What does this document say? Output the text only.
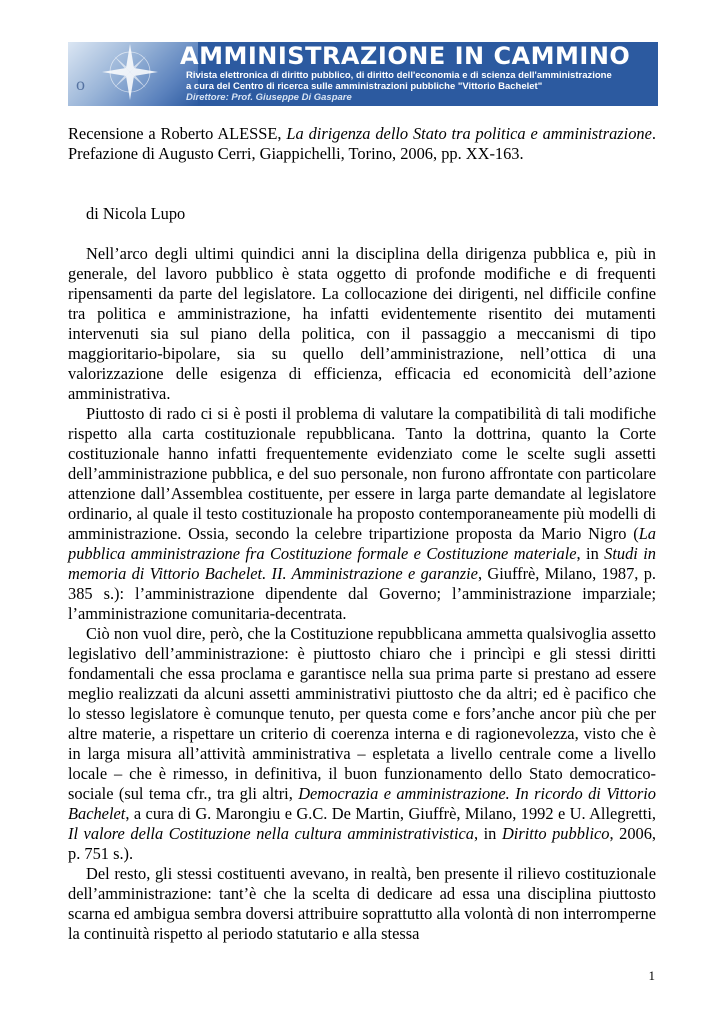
o
AMMINISTRAZIONE IN CAMMINO
Rivista elettronica di diritto pubblico, di diritto dell'economia e di scienza dell'amministrazione
a cura del Centro di ricerca sulle amministrazioni pubbliche "Vittorio Bachelet"
Direttore: Prof. Giuseppe Di Gaspare

Recensione a Roberto ALESSE, La dirigenza dello Stato tra politica e amministrazione. Prefazione di Augusto Cerri, Giappichelli, Torino, 2006, pp. XX-163.

di Nicola Lupo

Nell’arco degli ultimi quindici anni la disciplina della dirigenza pubblica e, più in generale, del lavoro pubblico è stata oggetto di profonde modifiche e di frequenti ripensamenti da parte del legislatore. La collocazione dei dirigenti, nel difficile confine tra politica e amministrazione, ha infatti evidentemente risentito dei mutamenti intervenuti sia sul piano della politica, con il passaggio a meccanismi di tipo maggioritario-bipolare, sia su quello dell’amministrazione, nell’ottica di una valorizzazione delle esigenza di efficienza, efficacia ed economicità dell’azione amministrativa.

Piuttosto di rado ci si è posti il problema di valutare la compatibilità di tali modifiche rispetto alla carta costituzionale repubblicana. Tanto la dottrina, quanto la Corte costituzionale hanno infatti frequentemente evidenziato come le scelte sugli assetti dell’amministrazione pubblica, e del suo personale, non furono affrontate con particolare attenzione dall’Assemblea costituente, per essere in larga parte demandate al legislatore ordinario, al quale il testo costituzionale ha proposto contemporaneamente più modelli di amministrazione. Ossia, secondo la celebre tripartizione proposta da Mario Nigro (La pubblica amministrazione fra Costituzione formale e Costituzione materiale, in Studi in memoria di Vittorio Bachelet. II. Amministrazione e garanzie, Giuffrè, Milano, 1987, p. 385 s.): l’amministrazione dipendente dal Governo; l’amministrazione imparziale; l’amministrazione comunitaria-decentrata.

Ciò non vuol dire, però, che la Costituzione repubblicana ammetta qualsivoglia assetto legislativo dell’amministrazione: è piuttosto chiaro che i princìpi e gli stessi diritti fondamentali che essa proclama e garantisce nella sua prima parte si prestano ad essere meglio realizzati da alcuni assetti amministrativi piuttosto che da altri; ed è pacifico che lo stesso legislatore è comunque tenuto, per questa come e fors’anche ancor più che per altre materie, a rispettare un criterio di coerenza interna e di ragionevolezza, visto che è in larga misura all’attività amministrativa – espletata a livello centrale come a livello locale – che è rimesso, in definitiva, il buon funzionamento dello Stato democratico-sociale (sul tema cfr., tra gli altri, Democrazia e amministrazione. In ricordo di Vittorio Bachelet, a cura di G. Marongiu e G.C. De Martin, Giuffrè, Milano, 1992 e U. Allegretti, Il valore della Costituzione nella cultura amministrativistica, in Diritto pubblico, 2006, p. 751 s.).

Del resto, gli stessi costituenti avevano, in realtà, ben presente il rilievo costituzionale dell’amministrazione: tant’è che la scelta di dedicare ad essa una disciplina piuttosto scarna ed ambigua sembra doversi attribuire soprattutto alla volontà di non interromperne la continuità rispetto al periodo statutario e alla stessa

1
